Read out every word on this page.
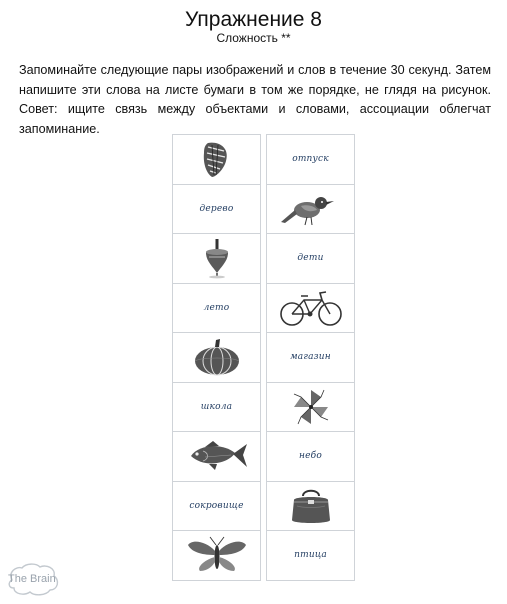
Упражнение 8
Сложность **

Запоминайте следующие пары изображений и слов в течение 30 секунд. Затем напишите эти слова на листе бумаги в том же порядке, не глядя на рисунок. Совет: ищите связь между объектами и словами, ассоциации облегчат запоминание.

отпуск
дерево
дети
лето
магазин
школа
небо
сокровище
птица
The Brain
